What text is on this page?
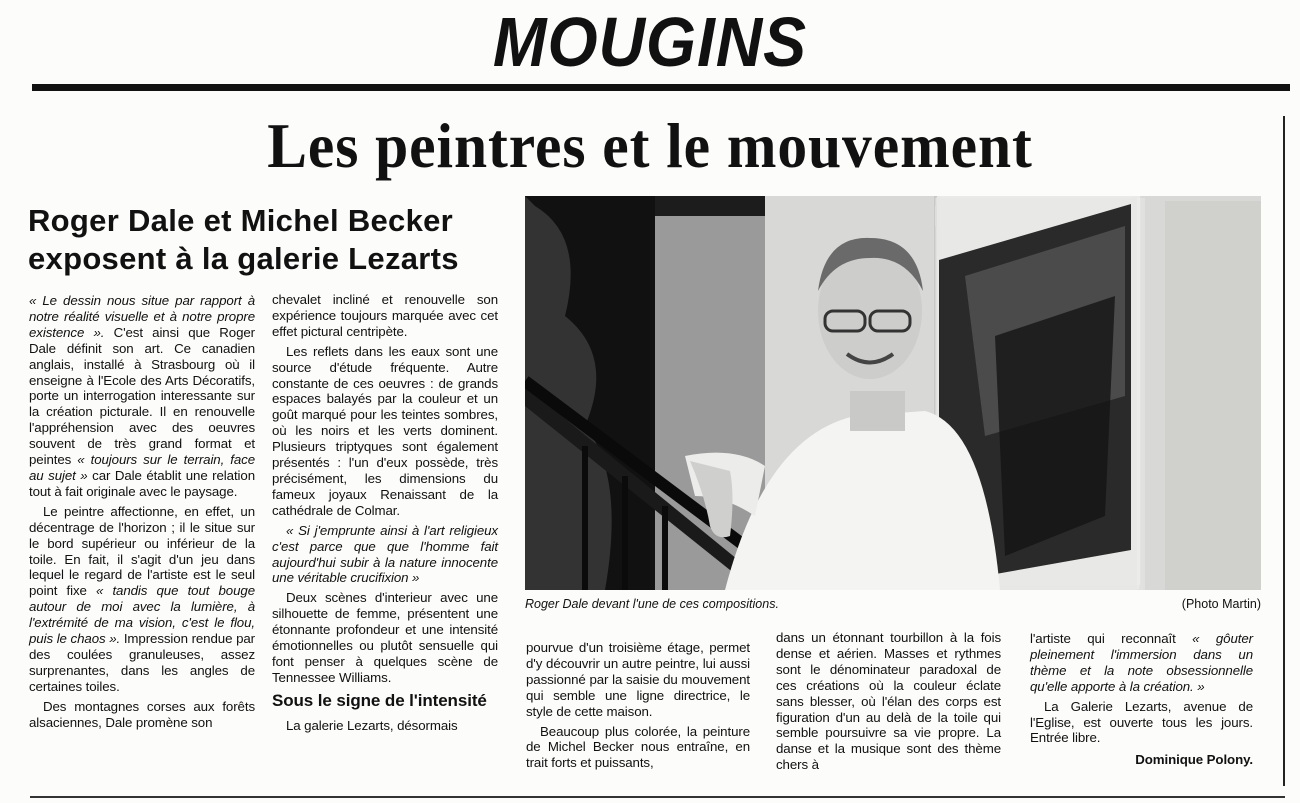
MOUGINS
Les peintres et le mouvement
Roger Dale et Michel Becker exposent à la galerie Lezarts

« Le dessin nous situe par rapport à notre réalité visuelle et à notre propre existence ». C'est ainsi que Roger Dale définit son art. Ce canadien anglais, installé à Strasbourg où il enseigne à l'Ecole des Arts Décoratifs, porte un interrogation interessante sur la création picturale. Il en renouvelle l'appréhension avec des oeuvres souvent de très grand format et peintes « toujours sur le terrain, face au sujet » car Dale établit une relation tout à fait originale avec le paysage.

Le peintre affectionne, en effet, un décentrage de l'horizon ; il le situe sur le bord supérieur ou inférieur de la toile. En fait, il s'agit d'un jeu dans lequel le regard de l'artiste est le seul point fixe « tandis que tout bouge autour de moi avec la lumière, à l'extrémité de ma vision, c'est le flou, puis le chaos ». Impression rendue par des coulées granuleuses, assez surprenantes, dans les angles de certaines toiles.

Des montagnes corses aux forêts alsaciennes, Dale promène son

chevalet incliné et renouvelle son expérience toujours marquée avec cet effet pictural centripète.

Les reflets dans les eaux sont une source d'étude fréquente. Autre constante de ces oeuvres : de grands espaces balayés par la couleur et un goût marqué pour les teintes sombres, où les noirs et les verts dominent. Plusieurs triptyques sont également présentés : l'un d'eux possède, très précisément, les dimensions du fameux joyaux Renaissant de la cathédrale de Colmar.

« Si j'emprunte ainsi à l'art religieux c'est parce que que l'homme fait aujourd'hui subir à la nature innocente une véritable crucifixion »

Deux scènes d'interieur avec une silhouette de femme, présentent une étonnante profondeur et une intensité émotionnelles ou plutôt sensuelle qui font penser à quelques scène de Tennessee Williams.

Sous le signe de l'intensité

La galerie Lezarts, désormais

Roger Dale devant l'une de ces compositions.	(Photo Martin)

pourvue d'un troisième étage, permet d'y découvrir un autre peintre, lui aussi passionné par la saisie du mouvement qui semble une ligne directrice, le style de cette maison.

Beaucoup plus colorée, la peinture de Michel Becker nous entraîne, en trait forts et puissants,

dans un étonnant tourbillon à la fois dense et aérien. Masses et rythmes sont le dénominateur paradoxal de ces créations où la couleur éclate sans blesser, où l'élan des corps est figuration d'un au delà de la toile qui semble poursuivre sa vie propre. La danse et la musique sont des thème chers à

l'artiste qui reconnaît « gôuter pleinement l'immersion dans un thème et la note obsessionnelle qu'elle apporte à la création. »

La Galerie Lezarts, avenue de l'Eglise, est ouverte tous les jours. Entrée libre.

Dominique Polony.
